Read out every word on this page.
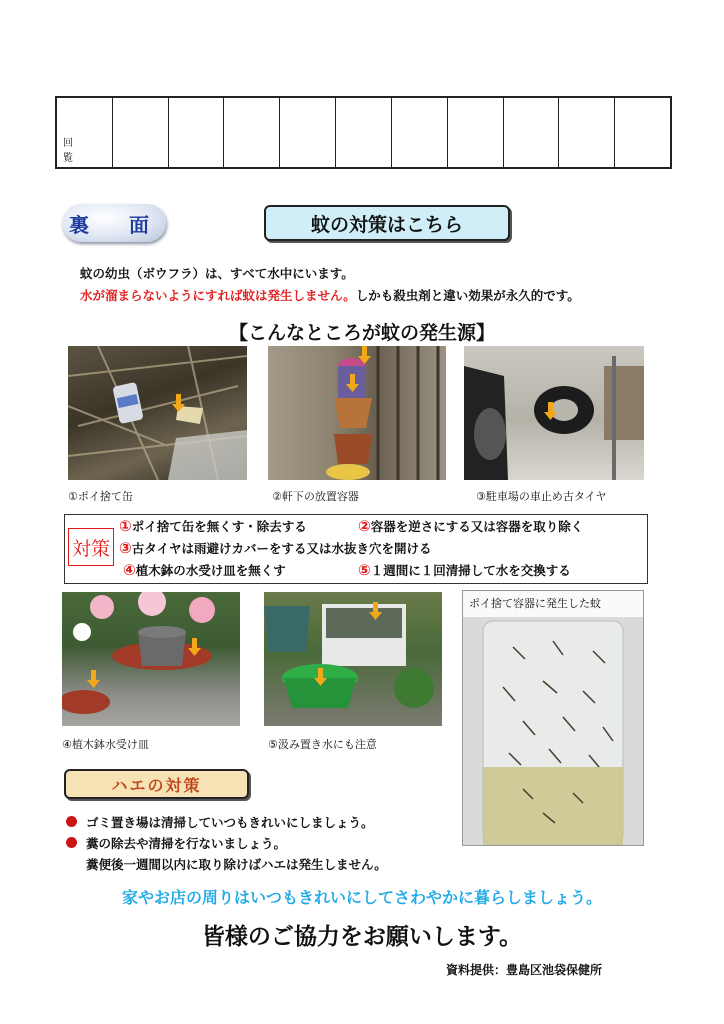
回　覧
裏　面	蚊の対策はこちら
蚊の幼虫（ボウフラ）は、すべて水中にいます。
水が溜まらないようにすれば蚊は発生しません。しかも殺虫剤と違い効果が永久的です。
【こんなところが蚊の発生源】
①ポイ捨て缶	②軒下の放置容器	③駐車場の車止め古タイヤ
対策
①ポイ捨て缶を無くす・除去する	②容器を逆さにする又は容器を取り除く
③古タイヤは雨避けカバーをする又は水抜き穴を開ける
④植木鉢の水受け皿を無くす	⑤１週間に１回清掃して水を交換する
④植木鉢水受け皿	⑤汲み置き水にも注意
ポイ捨て容器に発生した蚊
ハエの対策
ゴミ置き場は清掃していつもきれいにしましょう。
糞の除去や清掃を行ないましょう。
糞便後一週間以内に取り除けばハエは発生しません。
家やお店の周りはいつもきれいにしてさわやかに暮らしましょう。
皆様のご協力をお願いします。
資料提供：豊島区池袋保健所
